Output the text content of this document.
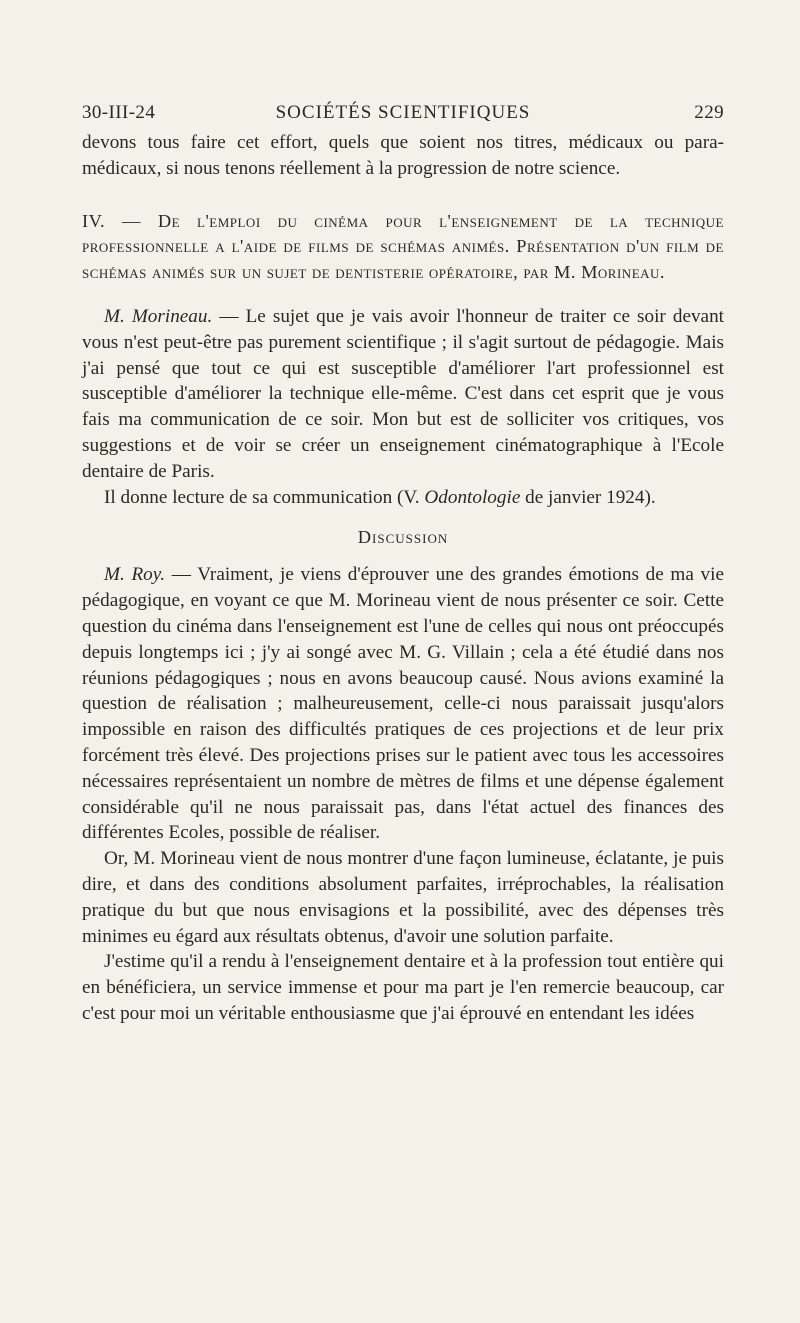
30-III-24	SOCIÉTÉS SCIENTIFIQUES	229

devons tous faire cet effort, quels que soient nos titres, médicaux ou para-médicaux, si nous tenons réellement à la progression de notre science.

IV. — De l'emploi du cinéma pour l'enseignement de la technique professionnelle a l'aide de films de schémas animés. Présentation d'un film de schémas animés sur un sujet de dentisterie opératoire, par M. Morineau.

M. Morineau. — Le sujet que je vais avoir l'honneur de traiter ce soir devant vous n'est peut-être pas purement scientifique ; il s'agit surtout de pédagogie. Mais j'ai pensé que tout ce qui est susceptible d'améliorer l'art professionnel est susceptible d'améliorer la technique elle-même. C'est dans cet esprit que je vous fais ma communication de ce soir. Mon but est de solliciter vos critiques, vos suggestions et de voir se créer un enseignement cinématographique à l'Ecole dentaire de Paris.

Il donne lecture de sa communication (V. Odontologie de janvier 1924).

Discussion

M. Roy. — Vraiment, je viens d'éprouver une des grandes émotions de ma vie pédagogique, en voyant ce que M. Morineau vient de nous présenter ce soir. Cette question du cinéma dans l'enseignement est l'une de celles qui nous ont préoccupés depuis longtemps ici ; j'y ai songé avec M. G. Villain ; cela a été étudié dans nos réunions pédagogiques ; nous en avons beaucoup causé. Nous avions examiné la question de réalisation ; malheureusement, celle-ci nous paraissait jusqu'alors impossible en raison des difficultés pratiques de ces projections et de leur prix forcément très élevé. Des projections prises sur le patient avec tous les accessoires nécessaires représentaient un nombre de mètres de films et une dépense également considérable qu'il ne nous paraissait pas, dans l'état actuel des finances des différentes Ecoles, possible de réaliser.

Or, M. Morineau vient de nous montrer d'une façon lumineuse, éclatante, je puis dire, et dans des conditions absolument parfaites, irréprochables, la réalisation pratique du but que nous envisagions et la possibilité, avec des dépenses très minimes eu égard aux résultats obtenus, d'avoir une solution parfaite.

J'estime qu'il a rendu à l'enseignement dentaire et à la profession tout entière qui en bénéficiera, un service immense et pour ma part je l'en remercie beaucoup, car c'est pour moi un véritable enthousiasme que j'ai éprouvé en entendant les idées
